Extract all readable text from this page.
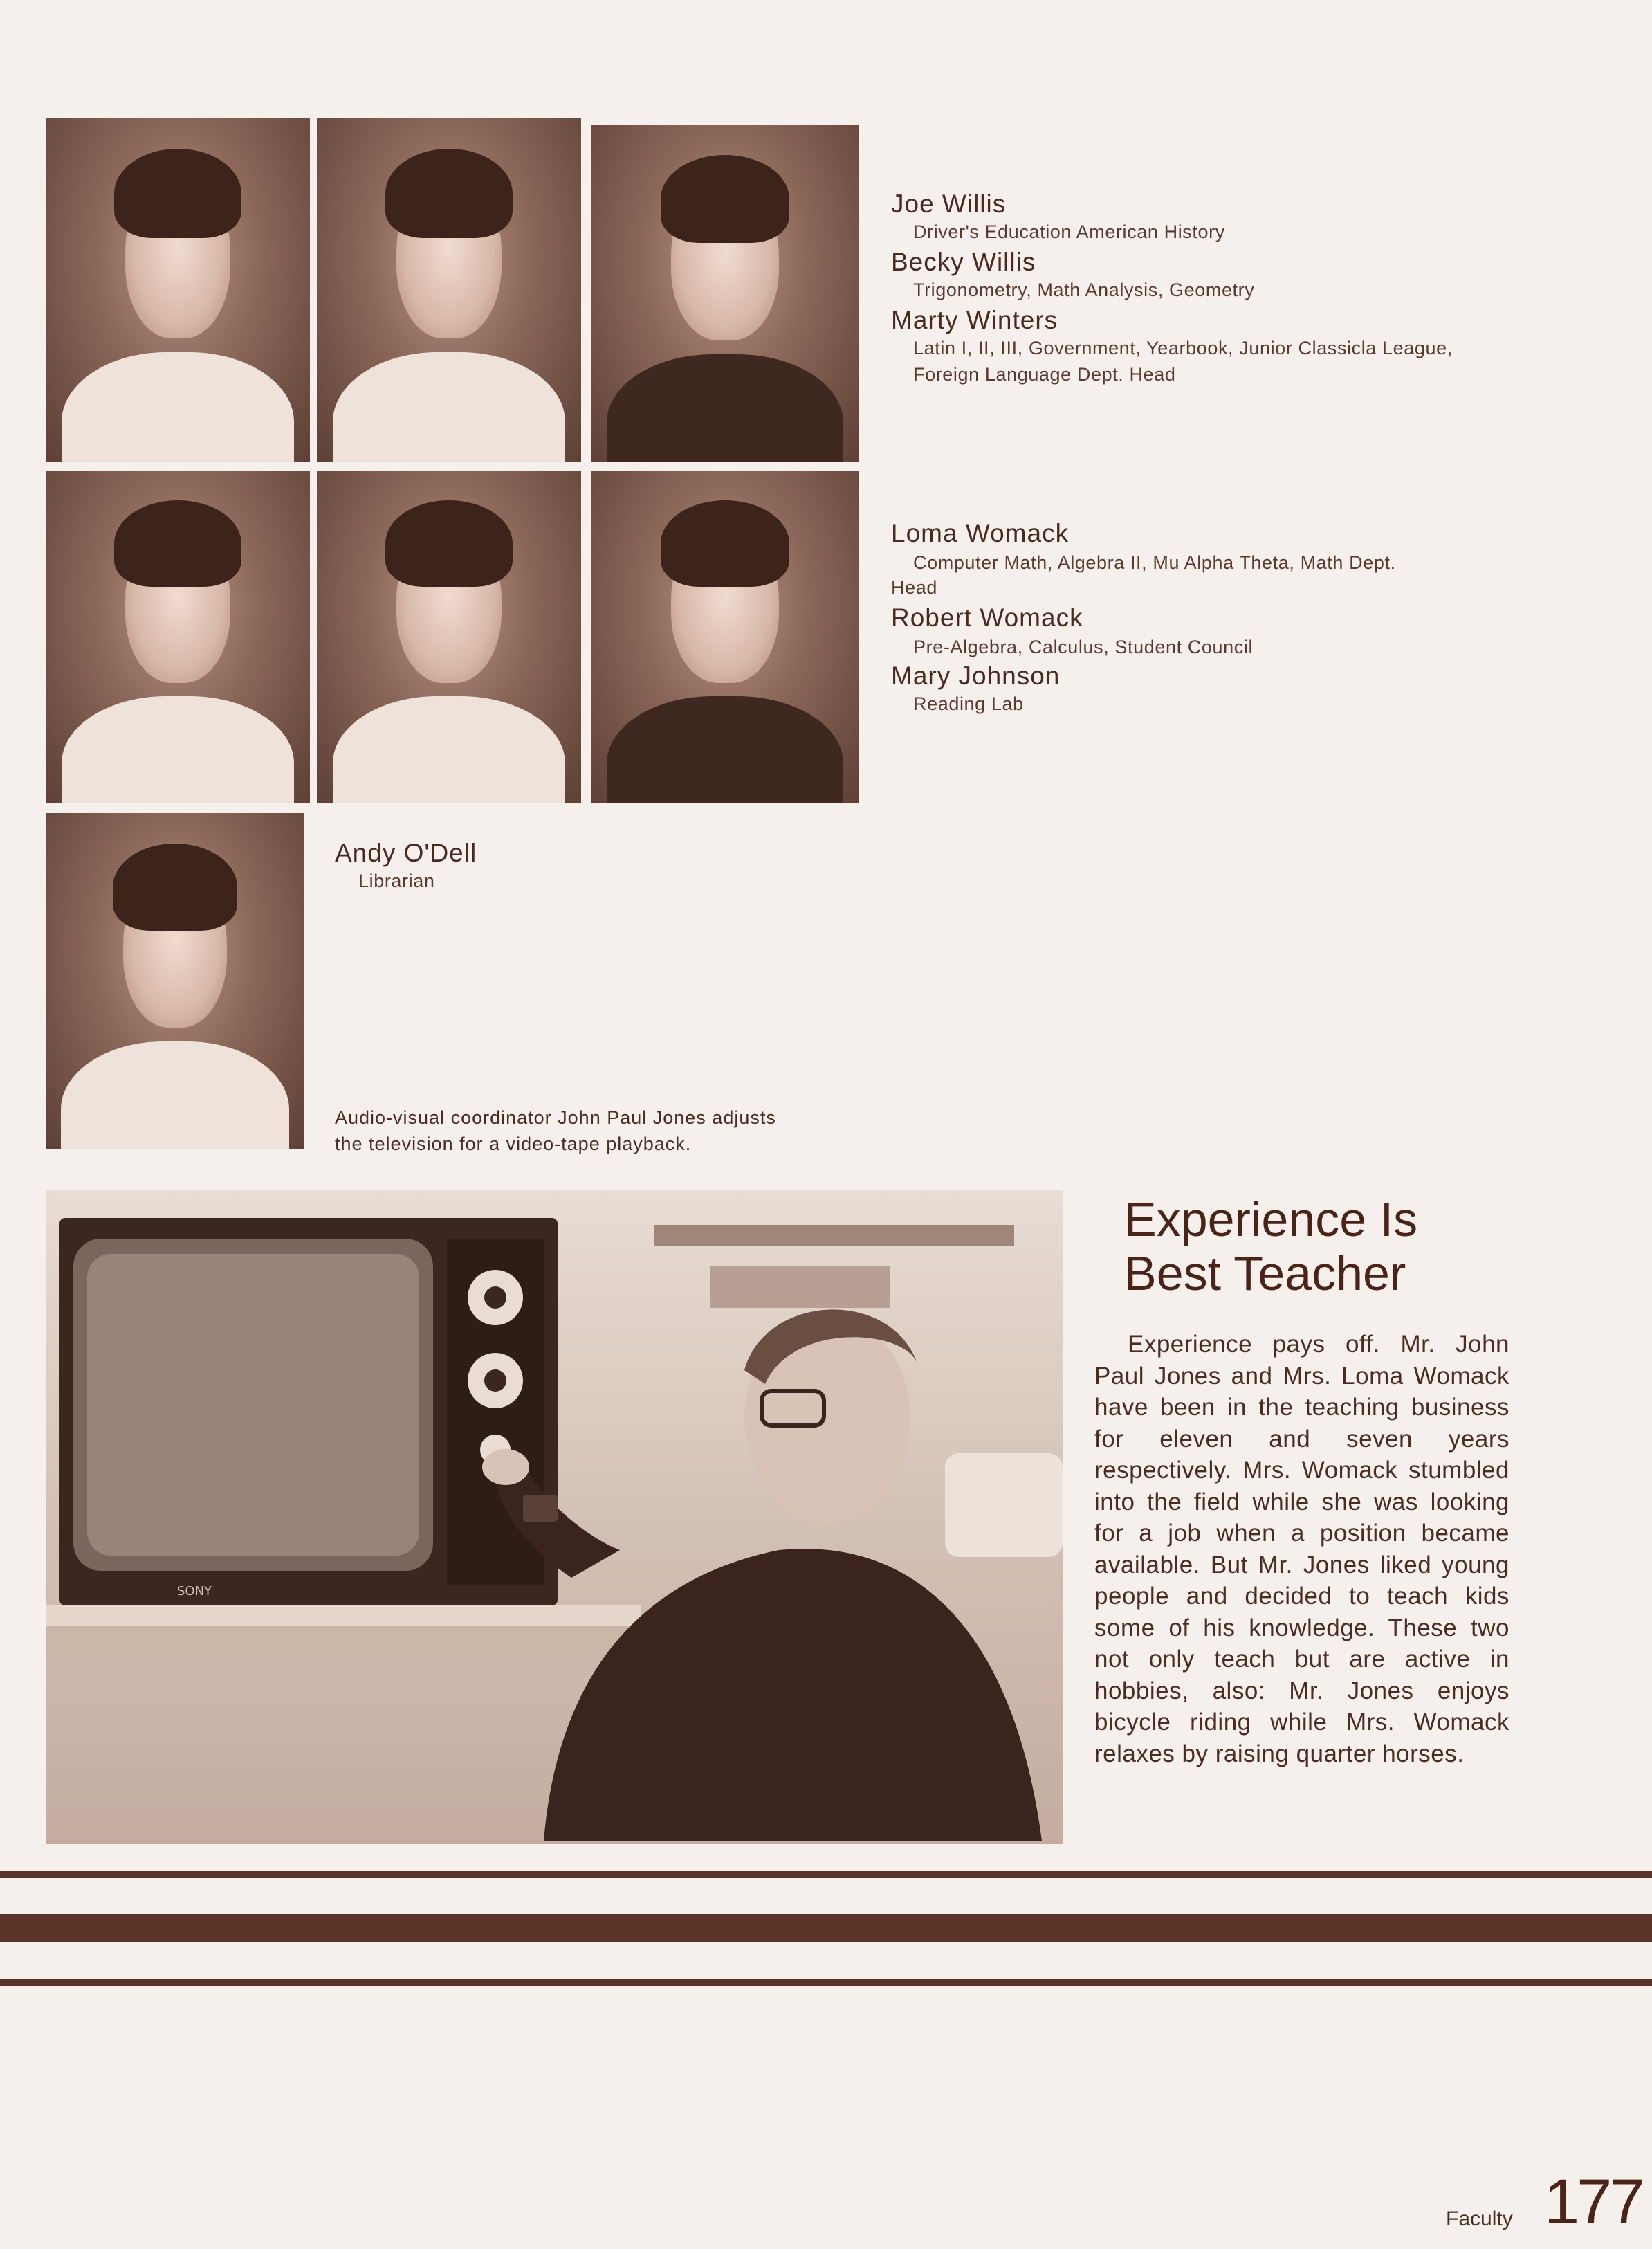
Joe Willis
Driver's Education American History
Becky Willis
Trigonometry, Math Analysis, Geometry
Marty Winters
Latin I, II, III, Government, Yearbook, Junior Classicla League,
Foreign Language Dept. Head
Loma Womack
Computer Math, Algebra II, Mu Alpha Theta, Math Dept.
Head
Robert Womack
Pre-Algebra, Calculus, Student Council
Mary Johnson
Reading Lab
Andy O'Dell
Librarian
Audio-visual coordinator John Paul Jones adjusts
the television for a video-tape playback.
SONY
Experience Is
Best Teacher
Experience pays off. Mr. John Paul Jones and Mrs. Loma Womack have been in the teaching business for eleven and seven years respectively. Mrs. Womack stumbled into the field while she was looking for a job when a position became available. But Mr. Jones liked young people and decided to teach kids some of his knowledge. These two not only teach but are active in hobbies, also: Mr. Jones enjoys bicycle riding while Mrs. Womack relaxes by raising quarter horses.
Faculty 177
